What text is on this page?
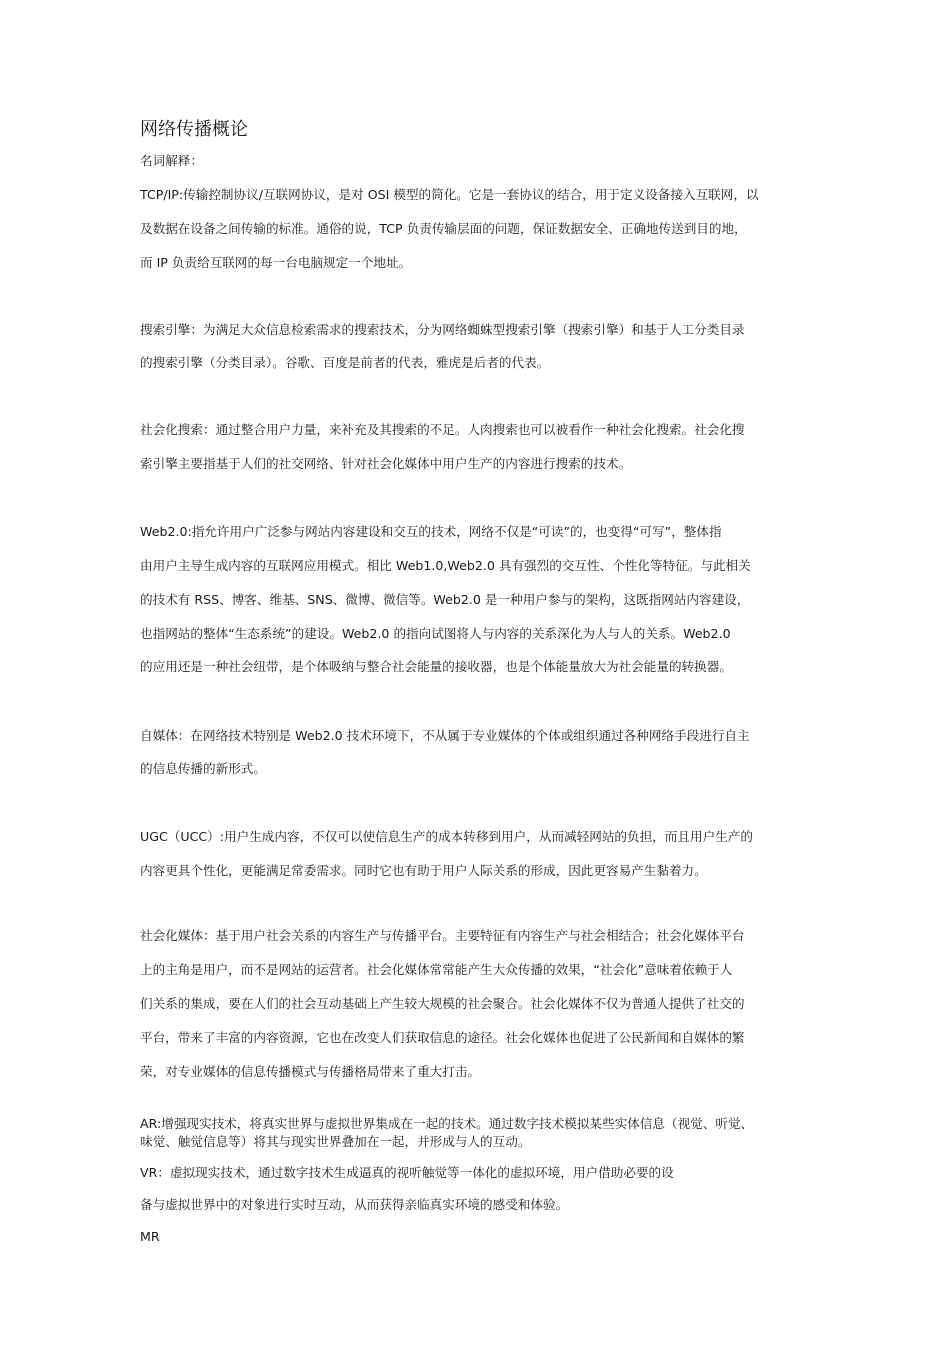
网络传播概论
名词解释：
TCP/IP:传输控制协议/互联网协议，是对 OSI 模型的简化。它是一套协议的结合，用于定义设备接入互联网，以
及数据在设备之间传输的标准。通俗的说，TCP 负责传输层面的问题，保证数据安全、正确地传送到目的地，
而 IP 负责给互联网的每一台电脑规定一个地址。
搜索引擎：为满足大众信息检索需求的搜索技术，分为网络蜘蛛型搜索引擎（搜索引擎）和基于人工分类目录
的搜索引擎（分类目录）。谷歌、百度是前者的代表，雅虎是后者的代表。
社会化搜索：通过整合用户力量，来补充及其搜索的不足。人肉搜索也可以被看作一种社会化搜索。社会化搜
索引擎主要指基于人们的社交网络、针对社会化媒体中用户生产的内容进行搜索的技术。
Web2.0:指允许用户广泛参与网站内容建设和交互的技术，网络不仅是“可读”的，也变得“可写”，整体指
由用户主导生成内容的互联网应用模式。相比 Web1.0,Web2.0 具有强烈的交互性、个性化等特征。与此相关
的技术有 RSS、博客、维基、SNS、微博、微信等。Web2.0 是一种用户参与的架构，这既指网站内容建设，
也指网站的整体“生态系统”的建设。Web2.0 的指向试图将人与内容的关系深化为人与人的关系。Web2.0
的应用还是一种社会纽带，是个体吸纳与整合社会能量的接收器，也是个体能量放大为社会能量的转换器。
自媒体：在网络技术特别是 Web2.0 技术环境下，不从属于专业媒体的个体或组织通过各种网络手段进行自主
的信息传播的新形式。
UGC（UCC）:用户生成内容，不仅可以使信息生产的成本转移到用户，从而减轻网站的负担，而且用户生产的
内容更具个性化，更能满足常委需求。同时它也有助于用户人际关系的形成，因此更容易产生黏着力。
社会化媒体：基于用户社会关系的内容生产与传播平台。主要特征有内容生产与社会相结合；社会化媒体平台
上的主角是用户，而不是网站的运营者。社会化媒体常常能产生大众传播的效果，“社会化”意味着依赖于人
们关系的集成，要在人们的社会互动基础上产生较大规模的社会聚合。社会化媒体不仅为普通人提供了社交的
平台，带来了丰富的内容资源，它也在改变人们获取信息的途径。社会化媒体也促进了公民新闻和自媒体的繁
荣，对专业媒体的信息传播模式与传播格局带来了重大打击。
AR:增强现实技术，将真实世界与虚拟世界集成在一起的技术。通过数字技术模拟某些实体信息（视觉、听觉、
味觉、触觉信息等）将其与现实世界叠加在一起，并形成与人的互动。
VR：虚拟现实技术，通过数字技术生成逼真的视听触觉等一体化的虚拟环境，用户借助必要的设
备与虚拟世界中的对象进行实时互动，从而获得亲临真实环境的感受和体验。
MR
